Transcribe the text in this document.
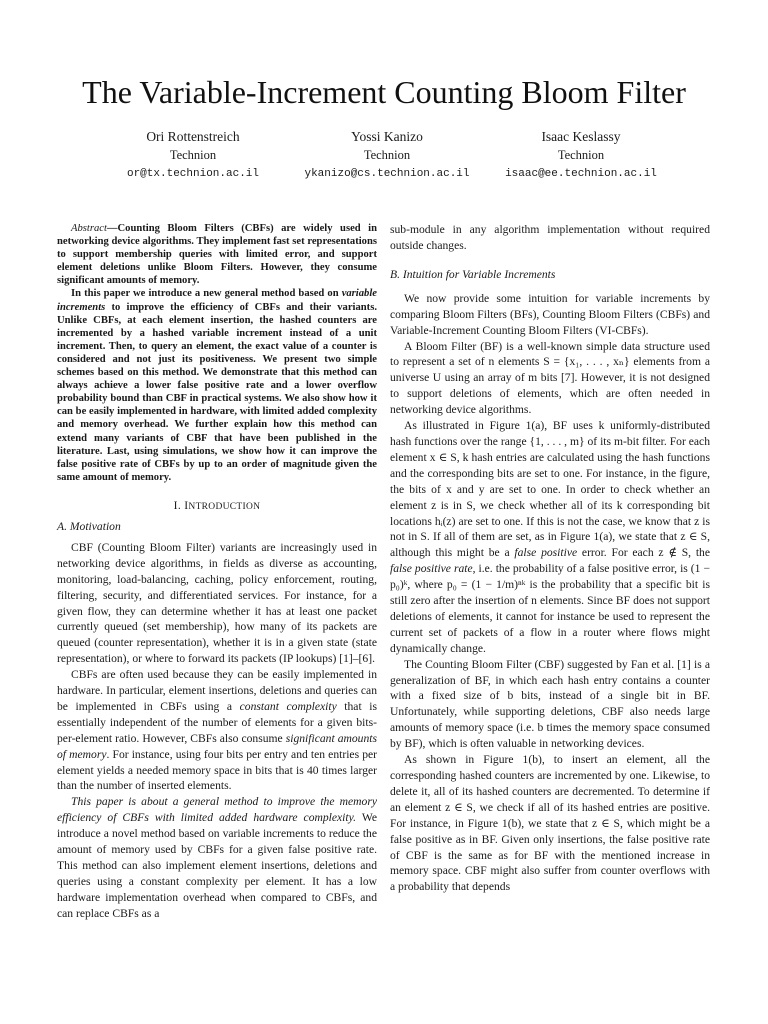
The Variable-Increment Counting Bloom Filter
Ori Rottenstreich
Technion
or@tx.technion.ac.il
Yossi Kanizo
Technion
ykanizo@cs.technion.ac.il
Isaac Keslassy
Technion
isaac@ee.technion.ac.il

Abstract—Counting Bloom Filters (CBFs) are widely used in networking device algorithms. They implement fast set representations to support membership queries with limited error, and support element deletions unlike Bloom Filters. However, they consume significant amounts of memory.

In this paper we introduce a new general method based on variable increments to improve the efficiency of CBFs and their variants. Unlike CBFs, at each element insertion, the hashed counters are incremented by a hashed variable increment instead of a unit increment. Then, to query an element, the exact value of a counter is considered and not just its positiveness. We present two simple schemes based on this method. We demonstrate that this method can always achieve a lower false positive rate and a lower overflow probability bound than CBF in practical systems. We also show how it can be easily implemented in hardware, with limited added complexity and memory overhead. We further explain how this method can extend many variants of CBF that have been published in the literature. Last, using simulations, we show how it can improve the false positive rate of CBFs by up to an order of magnitude given the same amount of memory.

I. INTRODUCTION
A. Motivation

CBF (Counting Bloom Filter) variants are increasingly used in networking device algorithms, in fields as diverse as accounting, monitoring, load-balancing, caching, policy enforcement, routing, filtering, security, and differentiated services. For instance, for a given flow, they can determine whether it has at least one packet currently queued (set membership), how many of its packets are queued (counter representation), whether it is in a given state (state representation), or where to forward its packets (IP lookups) [1]–[6].

CBFs are often used because they can be easily implemented in hardware. In particular, element insertions, deletions and queries can be implemented in CBFs using a constant complexity that is essentially independent of the number of elements for a given bits-per-element ratio. However, CBFs also consume significant amounts of memory. For instance, using four bits per entry and ten entries per element yields a needed memory space in bits that is 40 times larger than the number of inserted elements.

This paper is about a general method to improve the memory efficiency of CBFs with limited added hardware complexity. We introduce a novel method based on variable increments to reduce the amount of memory used by CBFs for a given false positive rate. This method can also implement element insertions, deletions and queries using a constant complexity per element. It has a low hardware implementation overhead when compared to CBFs, and can replace CBFs as a

sub-module in any algorithm implementation without required outside changes.

B. Intuition for Variable Increments

We now provide some intuition for variable increments by comparing Bloom Filters (BFs), Counting Bloom Filters (CBFs) and Variable-Increment Counting Bloom Filters (VI-CBFs).

A Bloom Filter (BF) is a well-known simple data structure used to represent a set of n elements S = {x₁, . . . , xₙ} elements from a universe U using an array of m bits [7]. However, it is not designed to support deletions of elements, which are often needed in networking device algorithms.

As illustrated in Figure 1(a), BF uses k uniformly-distributed hash functions over the range {1, . . . , m} of its m-bit filter. For each element x ∈ S, k hash entries are calculated using the hash functions and the corresponding bits are set to one. For instance, in the figure, the bits of x and y are set to one. In order to check whether an element z is in S, we check whether all of its k corresponding bit locations hᵢ(z) are set to one. If this is not the case, we know that z is not in S. If all of them are set, as in Figure 1(a), we state that z ∈ S, although this might be a false positive error. For each z ∉ S, the false positive rate, i.e. the probability of a false positive error, is (1 − p₀)ᵏ, where p₀ = (1 − 1/m)ⁿᵏ is the probability that a specific bit is still zero after the insertion of n elements. Since BF does not support deletions of elements, it cannot for instance be used to represent the current set of packets of a flow in a router where flows might dynamically change.

The Counting Bloom Filter (CBF) suggested by Fan et al. [1] is a generalization of BF, in which each hash entry contains a counter with a fixed size of b bits, instead of a single bit in BF. Unfortunately, while supporting deletions, CBF also needs large amounts of memory space (i.e. b times the memory space consumed by BF), which is often valuable in networking devices.

As shown in Figure 1(b), to insert an element, all the corresponding hashed counters are incremented by one. Likewise, to delete it, all of its hashed counters are decremented. To determine if an element z ∈ S, we check if all of its hashed entries are positive. For instance, in Figure 1(b), we state that z ∈ S, which might be a false positive as in BF. Given only insertions, the false positive rate of CBF is the same as for BF with the mentioned increase in memory space. CBF might also suffer from counter overflows with a probability that depends
